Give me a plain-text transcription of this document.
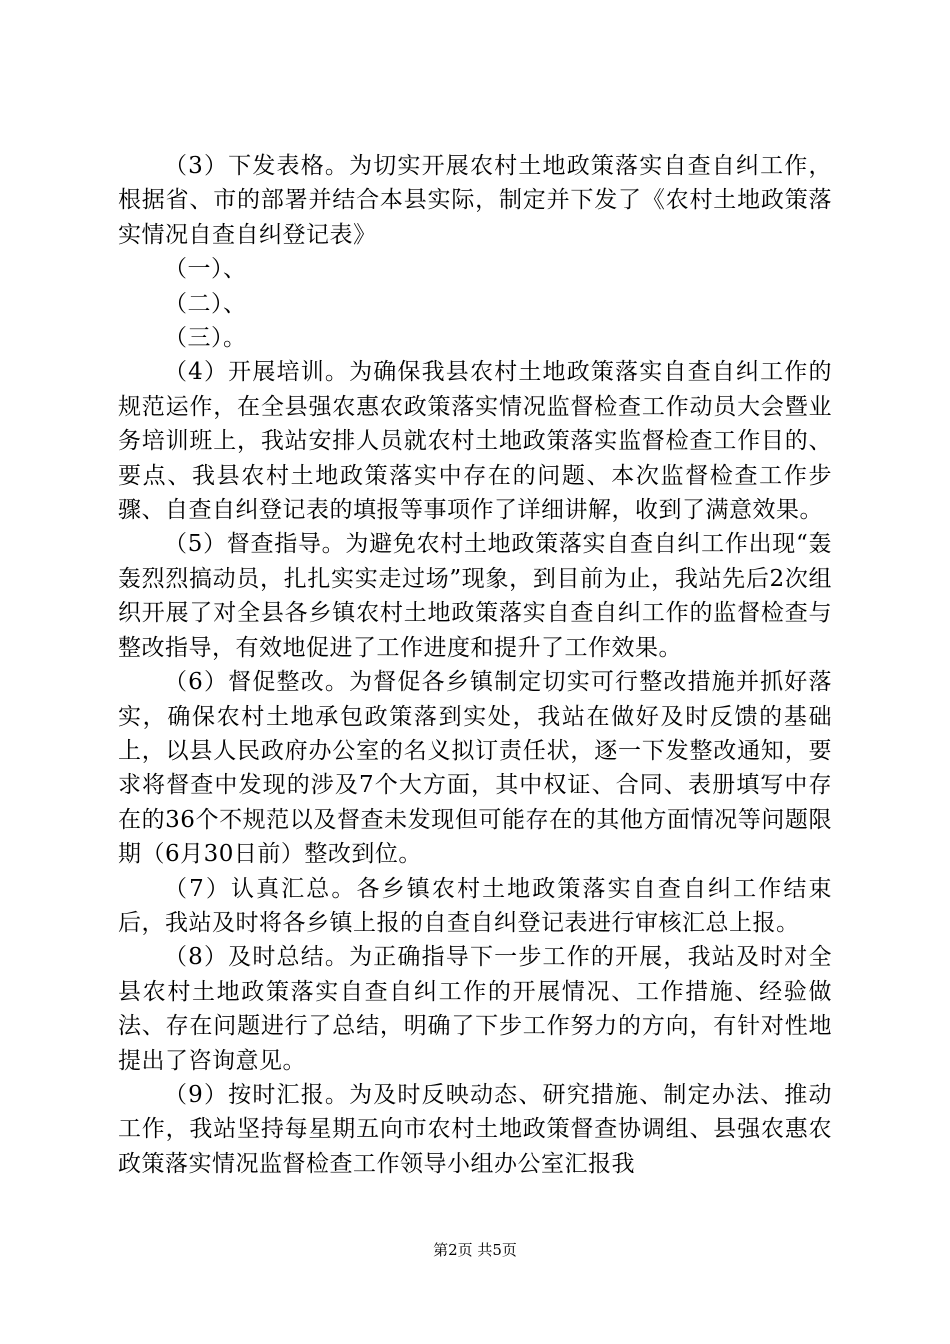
（3）下发表格。为切实开展农村土地政策落实自查自纠工作，根据省、市的部署并结合本县实际，制定并下发了《农村土地政策落实情况自查自纠登记表》

（一）、

（二）、

（三）。

（4）开展培训。为确保我县农村土地政策落实自查自纠工作的规范运作，在全县强农惠农政策落实情况监督检查工作动员大会暨业务培训班上，我站安排人员就农村土地政策落实监督检查工作目的、要点、我县农村土地政策落实中存在的问题、本次监督检查工作步骤、自查自纠登记表的填报等事项作了详细讲解，收到了满意效果。

（5）督查指导。为避免农村土地政策落实自查自纠工作出现“轰轰烈烈搞动员，扎扎实实走过场”现象，到目前为止，我站先后2次组织开展了对全县各乡镇农村土地政策落实自查自纠工作的监督检查与整改指导，有效地促进了工作进度和提升了工作效果。

（6）督促整改。为督促各乡镇制定切实可行整改措施并抓好落实，确保农村土地承包政策落到实处，我站在做好及时反馈的基础上，以县人民政府办公室的名义拟订责任状，逐一下发整改通知，要求将督查中发现的涉及7个大方面，其中权证、合同、表册填写中存在的36个不规范以及督查未发现但可能存在的其他方面情况等问题限期（6月30日前）整改到位。

（7）认真汇总。各乡镇农村土地政策落实自查自纠工作结束后，我站及时将各乡镇上报的自查自纠登记表进行审核汇总上报。

（8）及时总结。为正确指导下一步工作的开展，我站及时对全县农村土地政策落实自查自纠工作的开展情况、工作措施、经验做法、存在问题进行了总结，明确了下步工作努力的方向，有针对性地提出了咨询意见。

（9）按时汇报。为及时反映动态、研究措施、制定办法、推动工作，我站坚持每星期五向市农村土地政策督查协调组、县强农惠农政策落实情况监督检查工作领导小组办公室汇报我

第2页 共5页
